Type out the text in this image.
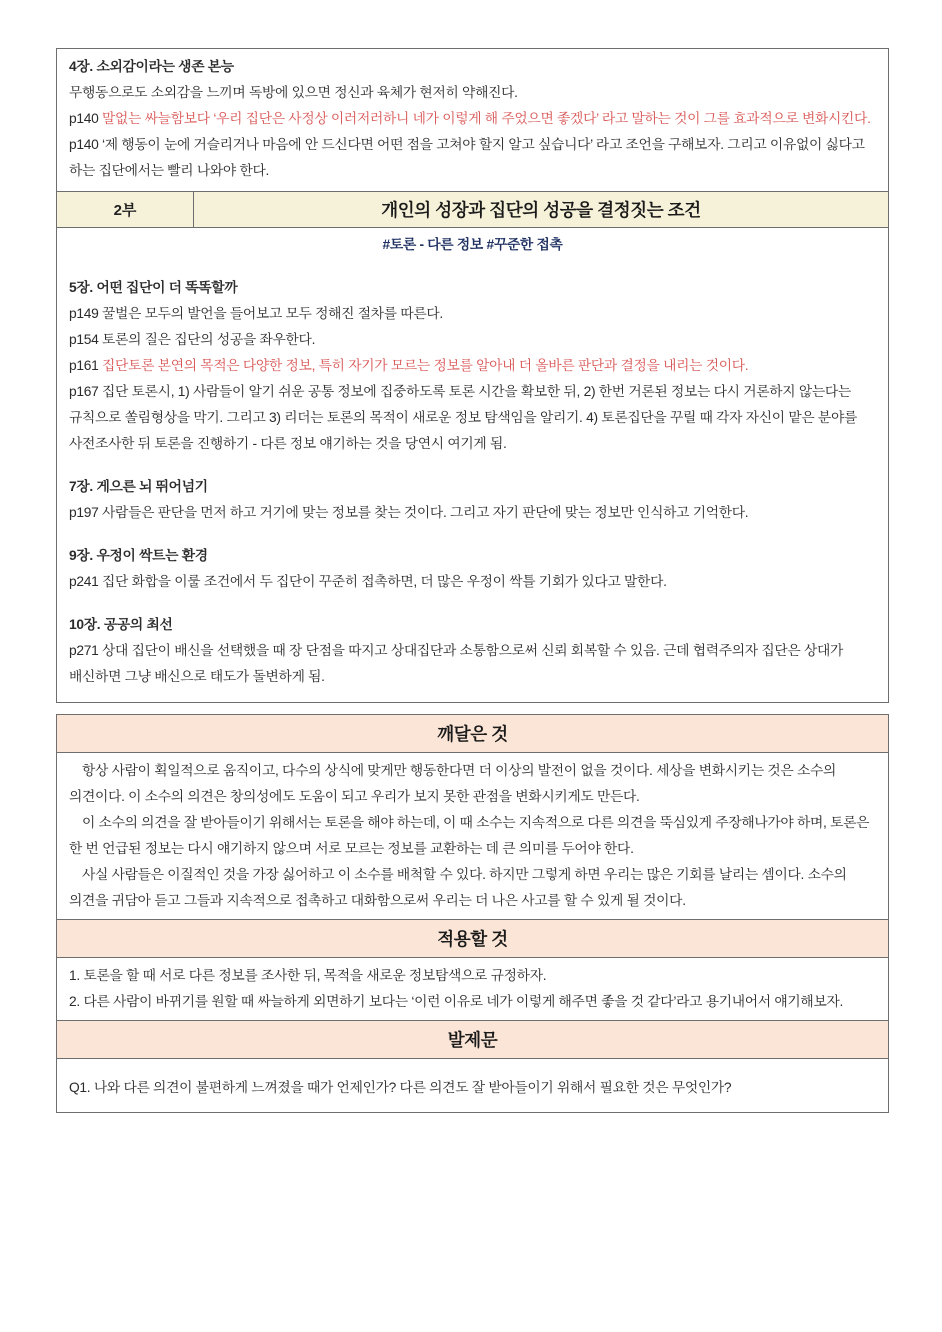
4장. 소외감이라는 생존 본능

무행동으로도 소외감을 느끼며 독방에 있으면 정신과 육체가 현저히 약해진다.

p140 말없는 싸늘함보다 ‘우리 집단은 사정상 이러저러하니 네가 이렇게 해 주었으면 좋겠다’ 라고 말하는 것이 그를 효과적으로 변화시킨다.

p140 ‘제 행동이 눈에 거슬리거나 마음에 안 드신다면 어떤 점을 고쳐야 할지 알고 싶습니다’ 라고 조언을 구해보자. 그리고 이유없이 싫다고 하는 집단에서는 빨리 나와야 한다.

2부	개인의 성장과 집단의 성공을 결정짓는 조건

#토론 - 다른 정보 #꾸준한 접촉

5장. 어떤 집단이 더 똑똑할까

p149 꿀벌은 모두의 발언을 들어보고 모두 정해진 절차를 따른다.

p154 토론의 질은 집단의 성공을 좌우한다.

p161 집단토론 본연의 목적은 다양한 정보, 특히 자기가 모르는 정보를 알아내 더 올바른 판단과 결정을 내리는 것이다.

p167 집단 토론시, 1) 사람들이 알기 쉬운 공통 정보에 집중하도록 토론 시간을 확보한 뒤, 2) 한번 거론된 정보는 다시 거론하지 않는다는 규칙으로 쏠림형상을 막기. 그리고 3) 리더는 토론의 목적이 새로운 정보 탐색임을 알리기. 4) 토론집단을 꾸릴 때 각자 자신이 맡은 분야를 사전조사한 뒤 토론을 진행하기 - 다른 정보 얘기하는 것을 당연시 여기게 됨.

7장. 게으른 뇌 뛰어넘기

p197 사람들은 판단을 먼저 하고 거기에 맞는 정보를 찾는 것이다. 그리고 자기 판단에 맞는 정보만 인식하고 기억한다.

9장. 우정이 싹트는 환경

p241 집단 화합을 이룰 조건에서 두 집단이 꾸준히 접촉하면, 더 많은 우정이 싹틀 기회가 있다고 말한다.

10장. 공공의 최선

p271 상대 집단이 배신을 선택했을 때 장 단점을 따지고 상대집단과 소통함으로써 신뢰 회복할 수 있음. 근데 협력주의자 집단은 상대가 배신하면 그냥 배신으로 태도가 돌변하게 됨.

깨달은 것

항상 사람이 획일적으로 움직이고, 다수의 상식에 맞게만 행동한다면 더 이상의 발전이 없을 것이다. 세상을 변화시키는 것은 소수의 의견이다. 이 소수의 의견은 창의성에도 도움이 되고 우리가 보지 못한 관점을 변화시키게도 만든다.

이 소수의 의견을 잘 받아들이기 위해서는 토론을 해야 하는데, 이 때 소수는 지속적으로 다른 의견을 뚝심있게 주장해나가야 하며, 토론은 한 번 언급된 정보는 다시 얘기하지 않으며 서로 모르는 정보를 교환하는 데 큰 의미를 두어야 한다.

사실 사람들은 이질적인 것을 가장 싫어하고 이 소수를 배척할 수 있다. 하지만 그렇게 하면 우리는 많은 기회를 날리는 셈이다. 소수의 의견을 귀담아 듣고 그들과 지속적으로 접촉하고 대화함으로써 우리는 더 나은 사고를 할 수 있게 될 것이다.

적용할 것

1. 토론을 할 때 서로 다른 정보를 조사한 뒤, 목적을 새로운 정보탐색으로 규정하자.

2. 다른 사람이 바뀌기를 원할 때 싸늘하게 외면하기 보다는 ‘이런 이유로 네가 이렇게 해주면 좋을 것 같다’라고 용기내어서 얘기해보자.

발제문

Q1. 나와 다른 의견이 불편하게 느껴졌을 때가 언제인가? 다른 의견도 잘 받아들이기 위해서 필요한 것은 무엇인가?
